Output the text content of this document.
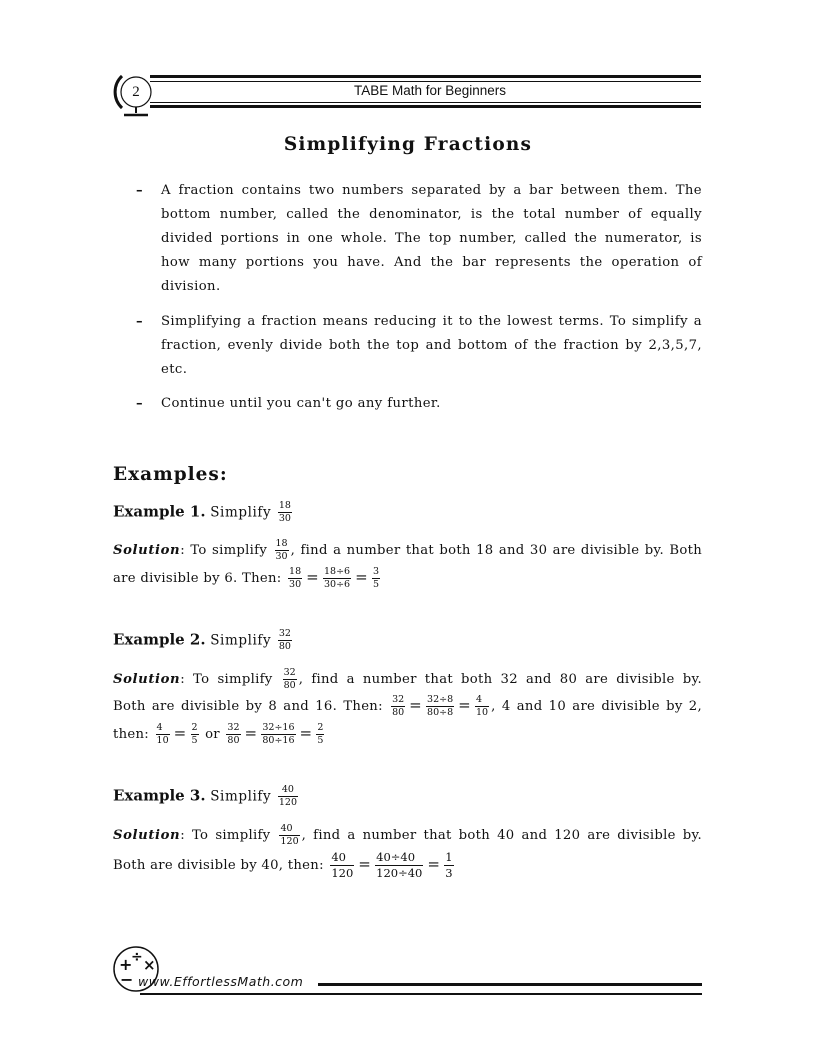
2	TABE Math for Beginners
Simplifying Fractions
– A fraction contains two numbers separated by a bar between them. The bottom number, called the denominator, is the total number of equally divided portions in one whole. The top number, called the numerator, is how many portions you have. And the bar represents the operation of division.
– Simplifying a fraction means reducing it to the lowest terms. To simplify a fraction, evenly divide both the top and bottom of the fraction by 2,3,5,7, etc.
– Continue until you can't go any further.
Examples:
Example 1. Simplify $\frac{18}{30}$
Solution: To simplify $\frac{18}{30}$ , find a number that both 18 and 30 are divisible by. Both
are divisible by 6. Then: $\frac{18}{30} = \frac{18\div 6}{30\div 6} = \frac{3}{5}$
Example 2. Simplify $\frac{32}{80}$
Solution: To simplify $\frac{32}{80}$ , find a number that both 32 and 80 are divisible by.
Both are divisible by 8 and 16. Then: $\frac{32}{80} = \frac{32\div 8}{80\div 8} = \frac{4}{10}$ , 4 and 10 are divisible by 2,
then: $\frac{4}{10} = \frac{2}{5}$ or $\frac{32}{80} = \frac{32\div 16}{80\div 16} = \frac{2}{5}$
Example 3. Simplify $\frac{40}{120}$
Solution: To simplify $\frac{40}{120}$ , find a number that both 40 and 120 are divisible by.
Both are divisible by 40, then: $\frac{40}{120} = \frac{40\div 40}{120\div 40} = \frac{1}{3}$
+
÷ ×
− www.EffortlessMath.com
